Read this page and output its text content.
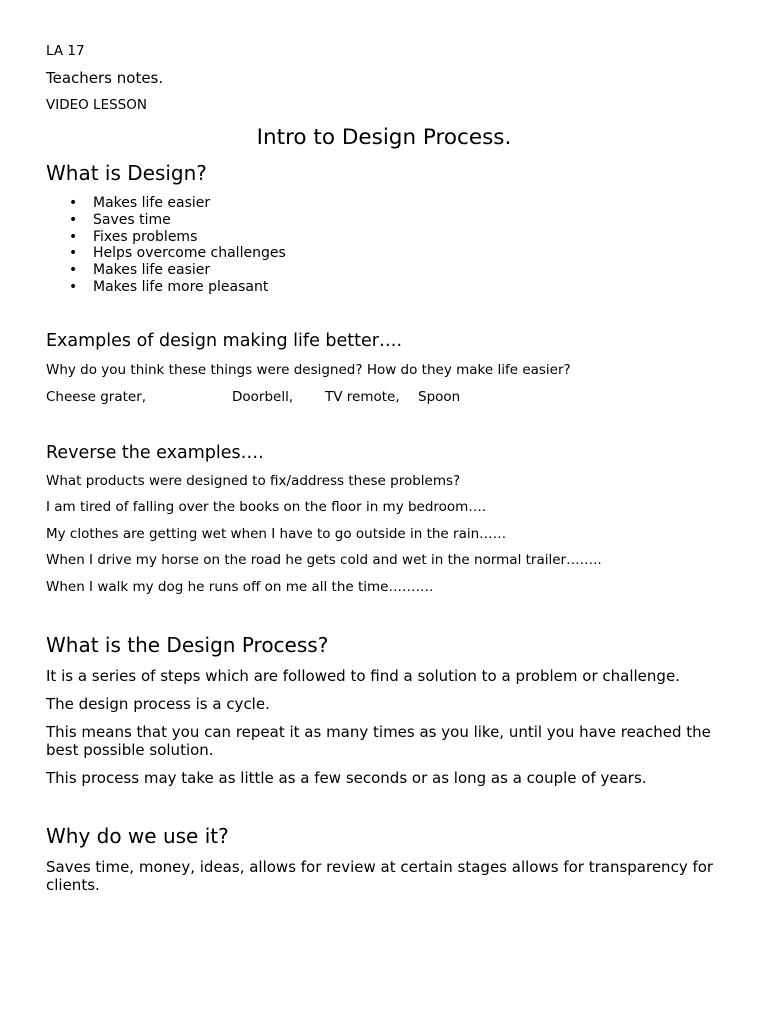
LA 17
Teachers notes.
VIDEO LESSON
Intro to Design Process.
What is Design?
• Makes life easier
• Saves time
• Fixes problems
• Helps overcome challenges
• Makes life easier
• Makes life more pleasant
Examples of design making life better….
Why do you think these things were designed? How do they make life easier?
Cheese grater,	Doorbell, TV remote, Spoon
Reverse the examples….
What products were designed to fix/address these problems?
I am tired of falling over the books on the floor in my bedroom….
My clothes are getting wet when I have to go outside in the rain……
When I drive my horse on the road he gets cold and wet in the normal trailer……..
When I walk my dog he runs off on me all the time……….
What is the Design Process?
It is a series of steps which are followed to find a solution to a problem or challenge.
The design process is a cycle.
This means that you can repeat it as many times as you like, until you have reached the best possible solution.
This process may take as little as a few seconds or as long as a couple of years.
Why do we use it?
Saves time, money, ideas, allows for review at certain stages allows for transparency for clients.
